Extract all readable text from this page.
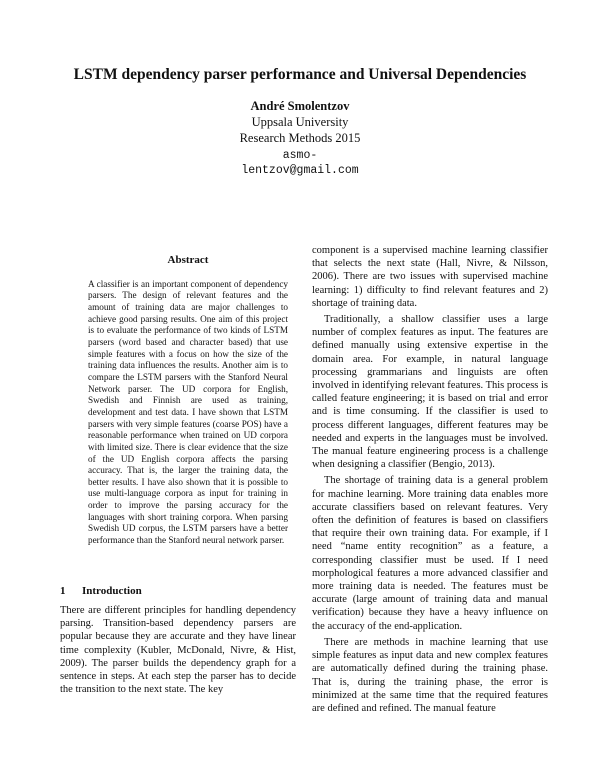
LSTM dependency parser performance and Universal Dependencies
André Smolentzov
Uppsala University
Research Methods 2015
asmo-
lentzov@gmail.com
Abstract

A classifier is an important component of dependency parsers. The design of relevant features and the amount of training data are major challenges to achieve good parsing results. One aim of this project is to evaluate the performance of two kinds of LSTM parsers (word based and character based) that use simple features with a focus on how the size of the training data influences the results. Another aim is to compare the LSTM parsers with the Stanford Neural Network parser. The UD corpora for English, Swedish and Finnish are used as training, development and test data. I have shown that LSTM parsers with very simple features (coarse POS) have a reasonable performance when trained on UD corpora with limited size. There is clear evidence that the size of the UD English corpora affects the parsing accuracy. That is, the larger the training data, the better results. I have also shown that it is possible to use multi-language corpora as input for training in order to improve the parsing accuracy for the languages with short training corpora. When parsing Swedish UD corpus, the LSTM parsers have a better performance than the Stanford neural network parser.

1 Introduction

There are different principles for handling dependency parsing. Transition-based dependency parsers are popular because they are accurate and they have linear time complexity (Kubler, McDonald, Nivre, & Hist, 2009). The parser builds the dependency graph for a sentence in steps. At each step the parser has to decide the transition to the next state. The key

component is a supervised machine learning classifier that selects the next state (Hall, Nivre, & Nilsson, 2006). There are two issues with supervised machine learning: 1) difficulty to find relevant features and 2) shortage of training data.

Traditionally, a shallow classifier uses a large number of complex features as input. The features are defined manually using extensive expertise in the domain area. For example, in natural language processing grammarians and linguists are often involved in identifying relevant features. This process is called feature engineering; it is based on trial and error and is time consuming. If the classifier is used to process different languages, different features may be needed and experts in the languages must be involved. The manual feature engineering process is a challenge when designing a classifier (Bengio, 2013).

The shortage of training data is a general problem for machine learning. More training data enables more accurate classifiers based on relevant features. Very often the definition of features is based on classifiers that require their own training data. For example, if I need “name entity recognition” as a feature, a corresponding classifier must be used. If I need morphological features a more advanced classifier and more training data is needed. The features must be accurate (large amount of training data and manual verification) because they have a heavy influence on the accuracy of the end-application.

There are methods in machine learning that use simple features as input data and new complex features are automatically defined during the training phase. That is, during the training phase, the error is minimized at the same time that the required features are defined and refined. The manual feature
